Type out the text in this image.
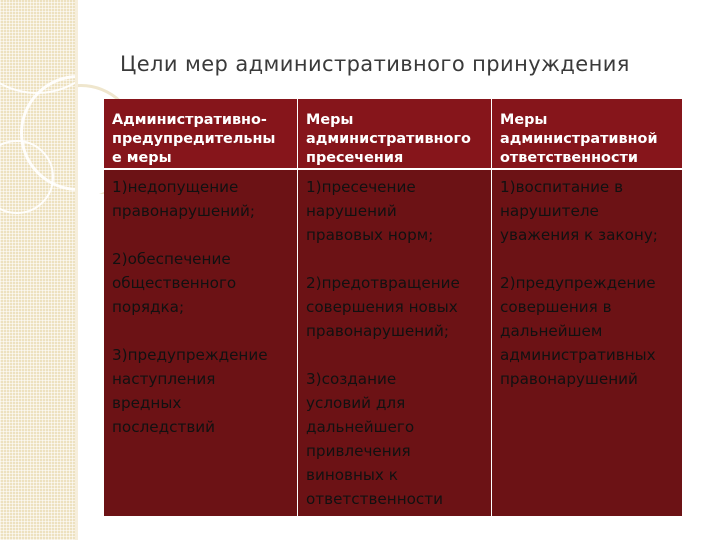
Цели мер административного принуждения
Административно-
предупредительны
е меры
Меры
административного
пресечения
Меры
административной
ответственности
1)недопущение
правонарушений;
2)обеспечение
общественного
порядка;
3)предупреждение
наступления
вредных
последствий
1)пресечение
нарушений
правовых норм;
2)предотвращение
совершения новых
правонарушений;
3)создание
условий для
дальнейшего
привлечения
виновных к
ответственности
1)воспитание в
нарушителе
уважения к закону;
2)предупреждение
совершения в
дальнейшем
административных
правонарушений
